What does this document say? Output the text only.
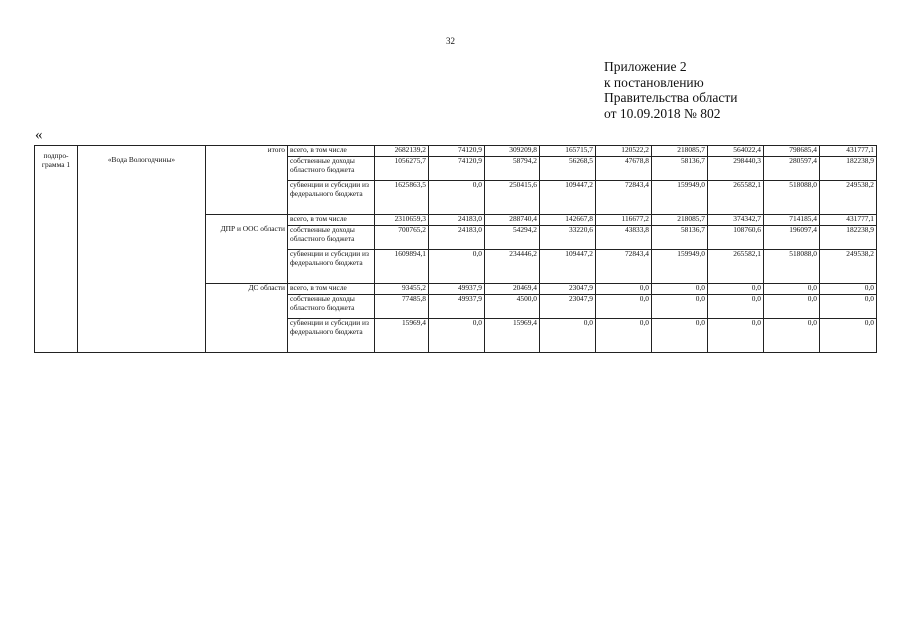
32
Приложение 2
к постановлению
Правительства области
от 10.09.2018 № 802
«
подпро-
грамма 1	«Вода Вологодчины»	итого	всего, в том числе	2682139,2	74120,9	309209,8	165715,7	120522,2	218085,7	564022,4	798685,4	431777,1
			собственные доходы областного бюджета	1056275,7	74120,9	58794,2	56268,5	47678,8	58136,7	298440,3	280597,4	182238,9
			субвенции и субсидии из федерального бюджета	1625863,5	0,0	250415,6	109447,2	72843,4	159949,0	265582,1	518088,0	249538,2
		ДПР и ООС области	всего, в том числе	2310659,3	24183,0	288740,4	142667,8	116677,2	218085,7	374342,7	714185,4	431777,1
			собственные доходы областного бюджета	700765,2	24183,0	54294,2	33220,6	43833,8	58136,7	108760,6	196097,4	182238,9
			субвенции и субсидии из федерального бюджета	1609894,1	0,0	234446,2	109447,2	72843,4	159949,0	265582,1	518088,0	249538,2
		ДС области	всего, в том числе	93455,2	49937,9	20469,4	23047,9	0,0	0,0	0,0	0,0	0,0
			собственные доходы областного бюджета	77485,8	49937,9	4500,0	23047,9	0,0	0,0	0,0	0,0	0,0
			субвенции и субсидии из федерального бюджета	15969,4	0,0	15969,4	0,0	0,0	0,0	0,0	0,0	0,0
